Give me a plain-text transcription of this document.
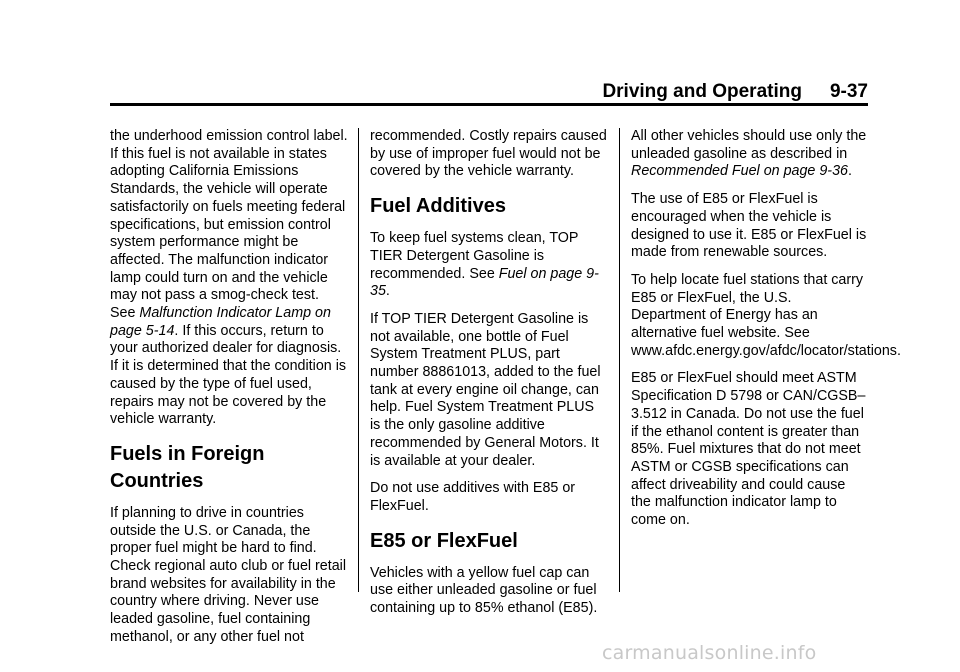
Driving and Operating 9-37

the underhood emission control label. If this fuel is not available in states adopting California Emissions Standards, the vehicle will operate satisfactorily on fuels meeting federal specifications, but emission control system performance might be affected. The malfunction indicator lamp could turn on and the vehicle may not pass a smog-check test. See Malfunction Indicator Lamp on page 5-14. If this occurs, return to your authorized dealer for diagnosis. If it is determined that the condition is caused by the type of fuel used, repairs may not be covered by the vehicle warranty.

Fuels in Foreign Countries

If planning to drive in countries outside the U.S. or Canada, the proper fuel might be hard to find. Check regional auto club or fuel retail brand websites for availability in the country where driving. Never use leaded gasoline, fuel containing methanol, or any other fuel not

recommended. Costly repairs caused by use of improper fuel would not be covered by the vehicle warranty.

Fuel Additives

To keep fuel systems clean, TOP TIER Detergent Gasoline is recommended. See Fuel on page 9-35.

If TOP TIER Detergent Gasoline is not available, one bottle of Fuel System Treatment PLUS, part number 88861013, added to the fuel tank at every engine oil change, can help. Fuel System Treatment PLUS is the only gasoline additive recommended by General Motors. It is available at your dealer.

Do not use additives with E85 or FlexFuel.

E85 or FlexFuel

Vehicles with a yellow fuel cap can use either unleaded gasoline or fuel containing up to 85% ethanol (E85).

All other vehicles should use only the unleaded gasoline as described in Recommended Fuel on page 9-36.

The use of E85 or FlexFuel is encouraged when the vehicle is designed to use it. E85 or FlexFuel is made from renewable sources.

To help locate fuel stations that carry E85 or FlexFuel, the U.S. Department of Energy has an alternative fuel website. See www.afdc.energy.gov/afdc/locator/stations.

E85 or FlexFuel should meet ASTM Specification D 5798 or CAN/CGSB–3.512 in Canada. Do not use the fuel if the ethanol content is greater than 85%. Fuel mixtures that do not meet ASTM or CGSB specifications can affect driveability and could cause the malfunction indicator lamp to come on.

carmanualsonline.info
